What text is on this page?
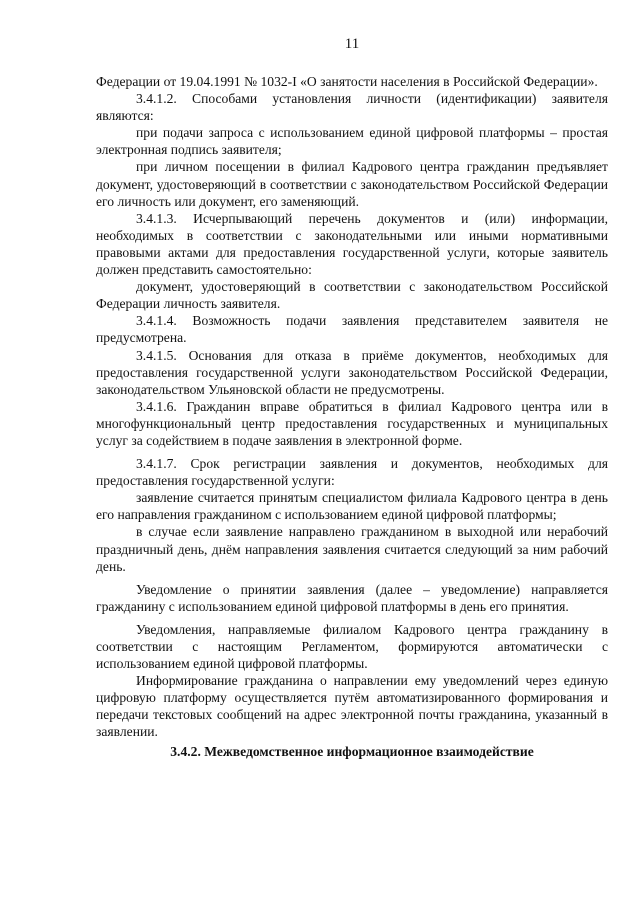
11

Федерации от 19.04.1991 № 1032-I «О занятости населения в Российской Федерации».

3.4.1.2. Способами установления личности (идентификации) заявителя являются:

при подачи запроса с использованием единой цифровой платформы – простая электронная подпись заявителя;

при личном посещении в филиал Кадрового центра гражданин предъявляет документ, удостоверяющий в соответствии с законодательством Российской Федерации его личность или документ, его заменяющий.

3.4.1.3. Исчерпывающий перечень документов и (или) информации, необходимых в соответствии с законодательными или иными нормативными правовыми актами для предоставления государственной услуги, которые заявитель должен представить самостоятельно:

документ, удостоверяющий в соответствии с законодательством Российской Федерации личность заявителя.

3.4.1.4. Возможность подачи заявления представителем заявителя не предусмотрена.

3.4.1.5. Основания для отказа в приёме документов, необходимых для предоставления государственной услуги законодательством Российской Федерации, законодательством Ульяновской области не предусмотрены.

3.4.1.6. Гражданин вправе обратиться в филиал Кадрового центра или в многофункциональный центр предоставления государственных и муниципальных услуг за содействием в подаче заявления в электронной форме.

3.4.1.7. Срок регистрации заявления и документов, необходимых для предоставления государственной услуги:

заявление считается принятым специалистом филиала Кадрового центра в день его направления гражданином с использованием единой цифровой платформы;

в случае если заявление направлено гражданином в выходной или нерабочий праздничный день, днём направления заявления считается следующий за ним рабочий день.

Уведомление о принятии заявления (далее – уведомление) направляется гражданину с использованием единой цифровой платформы в день его принятия.

Уведомления, направляемые филиалом Кадрового центра гражданину в соответствии с настоящим Регламентом, формируются автоматически с использованием единой цифровой платформы.

Информирование гражданина о направлении ему уведомлений через единую цифровую платформу осуществляется путём автоматизированного формирования и передачи текстовых сообщений на адрес электронной почты гражданина, указанный в заявлении.

3.4.2. Межведомственное информационное взаимодействие
